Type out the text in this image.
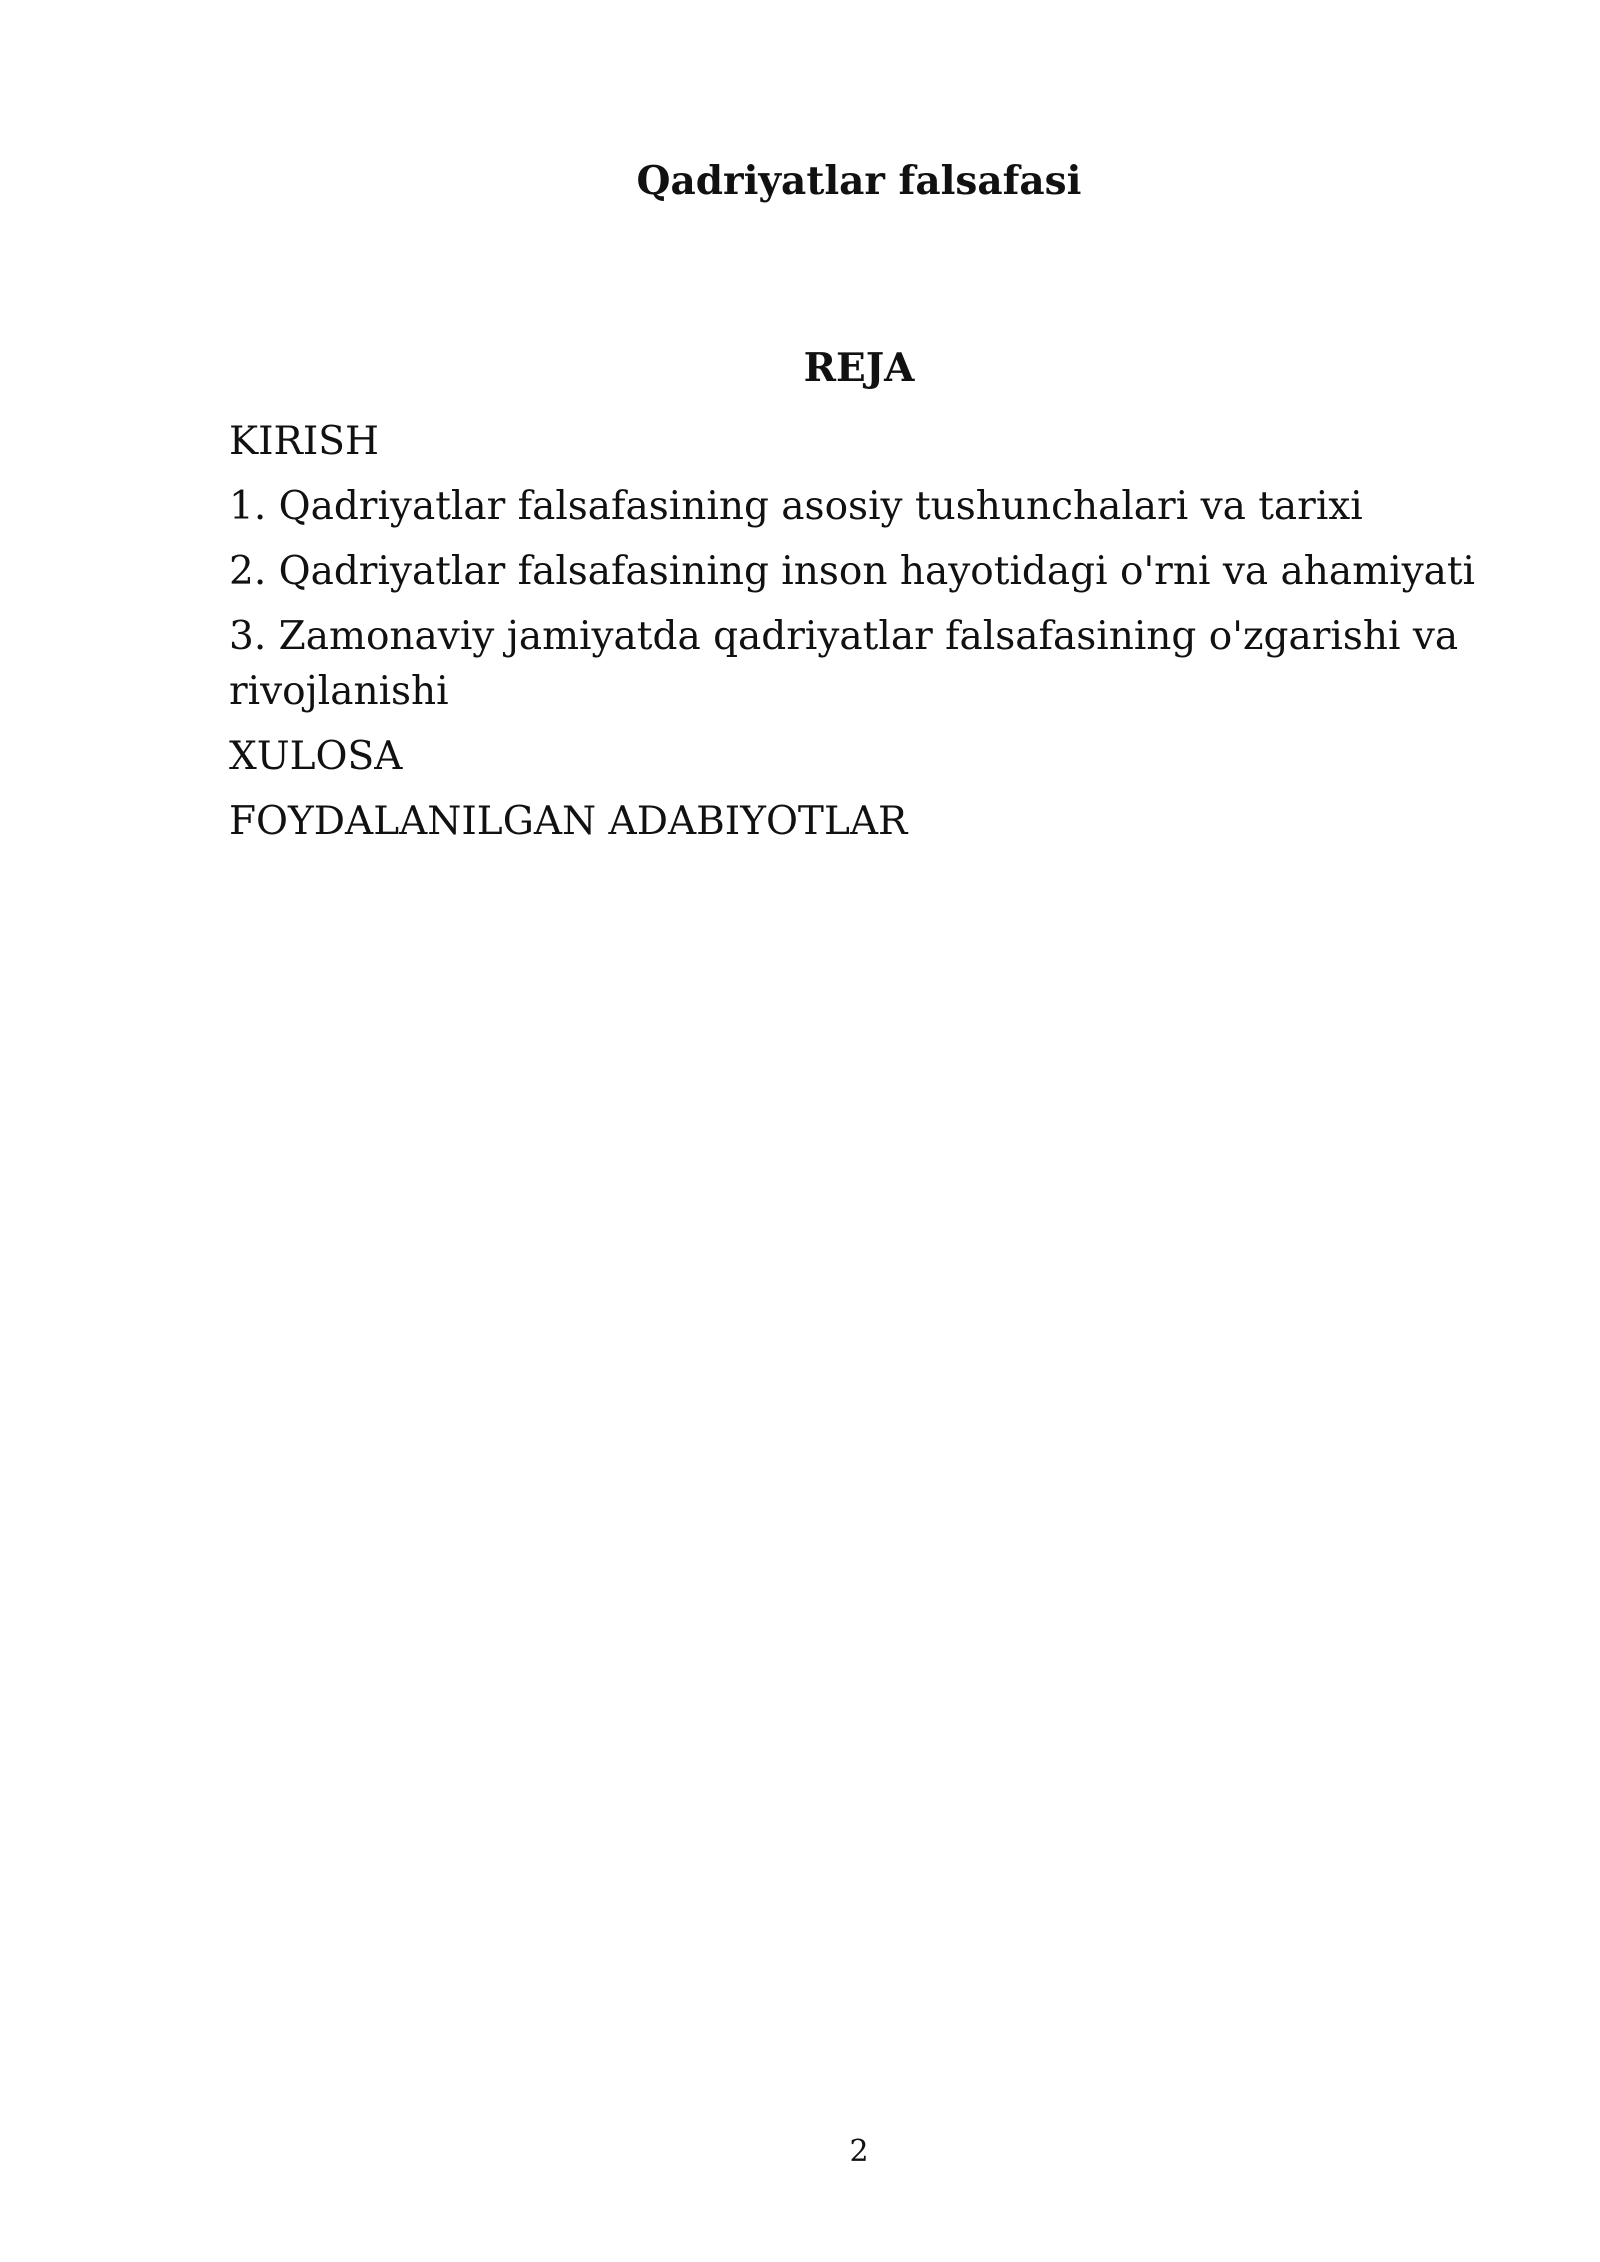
Qadriyatlar falsafasi
REJA
KIRISH
1. Qadriyatlar falsafasining asosiy tushunchalari va tarixi
2. Qadriyatlar falsafasining inson hayotidagi o'rni va ahamiyati
3. Zamonaviy jamiyatda qadriyatlar falsafasining o'zgarishi va rivojlanishi
XULOSA
FOYDALANILGAN ADABIYOTLAR
2
